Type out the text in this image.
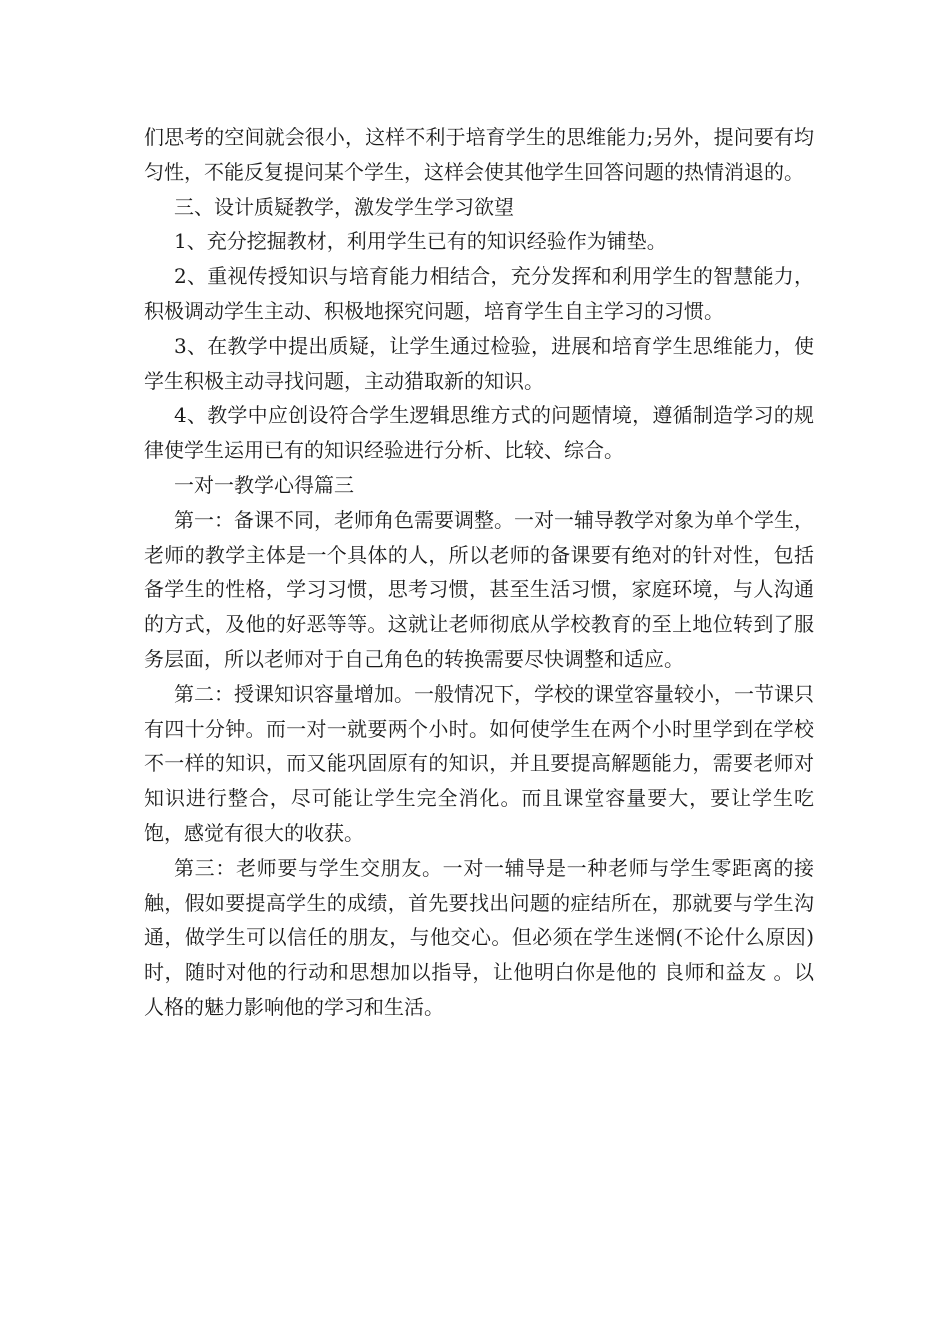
们思考的空间就会很小，这样不利于培育学生的思维能力;另外，提问要有均匀性，不能反复提问某个学生，这样会使其他学生回答问题的热情消退的。

三、设计质疑教学，激发学生学习欲望

1、充分挖掘教材，利用学生已有的知识经验作为铺垫。

2、重视传授知识与培育能力相结合，充分发挥和利用学生的智慧能力，积极调动学生主动、积极地探究问题，培育学生自主学习的习惯。

3、在教学中提出质疑，让学生通过检验，进展和培育学生思维能力，使学生积极主动寻找问题，主动猎取新的知识。

4、教学中应创设符合学生逻辑思维方式的问题情境，遵循制造学习的规律使学生运用已有的知识经验进行分析、比较、综合。

一对一教学心得篇三

第一：备课不同，老师角色需要调整。一对一辅导教学对象为单个学生，老师的教学主体是一个具体的人，所以老师的备课要有绝对的针对性，包括备学生的性格，学习习惯，思考习惯，甚至生活习惯，家庭环境，与人沟通的方式，及他的好恶等等。这就让老师彻底从学校教育的至上地位转到了服务层面，所以老师对于自己角色的转换需要尽快调整和适应。

第二：授课知识容量增加。一般情况下，学校的课堂容量较小，一节课只有四十分钟。而一对一就要两个小时。如何使学生在两个小时里学到在学校不一样的知识，而又能巩固原有的知识，并且要提高解题能力，需要老师对知识进行整合，尽可能让学生完全消化。而且课堂容量要大，要让学生吃饱，感觉有很大的收获。

第三：老师要与学生交朋友。一对一辅导是一种老师与学生零距离的接触，假如要提高学生的成绩，首先要找出问题的症结所在，那就要与学生沟通，做学生可以信任的朋友，与他交心。但必须在学生迷惘(不论什么原因)时，随时对他的行动和思想加以指导，让他明白你是他的 良师和益友 。以人格的魅力影响他的学习和生活。
